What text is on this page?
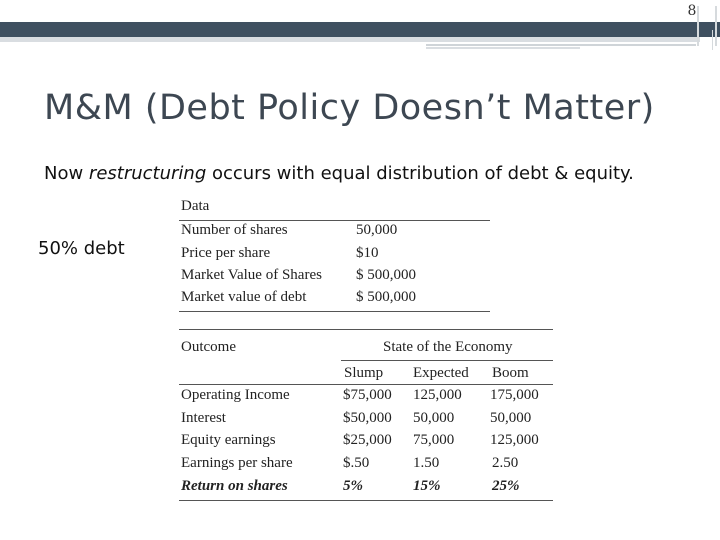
8
M&M (Debt Policy Doesn’t Matter)
Now restructuring occurs with equal distribution of debt & equity.
50% debt
Data
Number of shares	50,000
Price per share	$10
Market Value of Shares $ 500,000
Market value of debt	$ 500,000
Outcome	State of the Economy
Slump Expected Boom
Operating Income	$75,000 125,000 175,000
Interest	$50,000 50,000 50,000
Equity earnings	$25,000 75,000 125,000
Earnings per share	$.50	1.50	2.50
Return on shares	5%	15%	25%
